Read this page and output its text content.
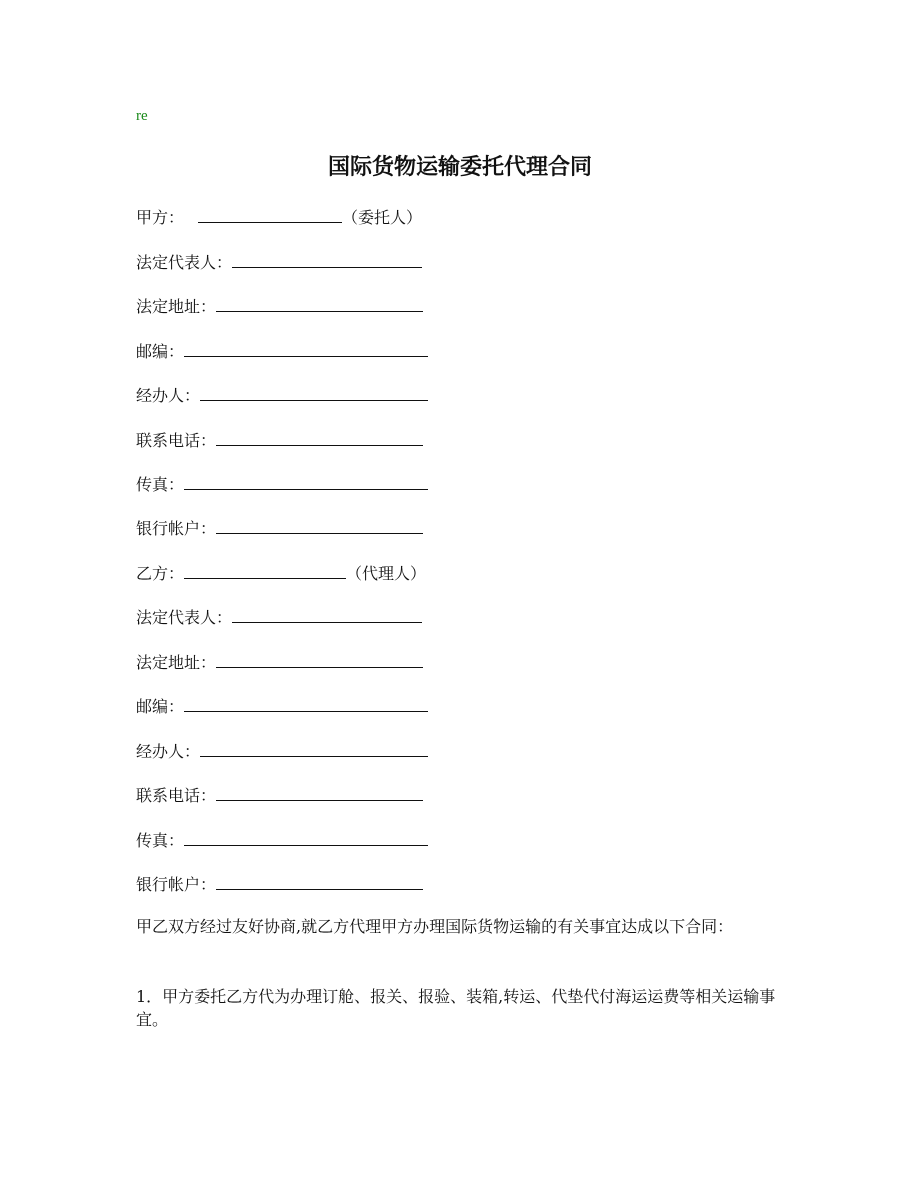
re
国际货物运输委托代理合同
甲方：	（委托人）
法定代表人：
法定地址：
邮编：
经办人：
联系电话：
传真：
银行帐户：
乙方：	（代理人）
法定代表人：
法定地址：
邮编：
经办人：
联系电话：
传真：
银行帐户：
甲乙双方经过友好协商,就乙方代理甲方办理国际货物运输的有关事宜达成以下合同：
1．甲方委托乙方代为办理订舱、报关、报验、装箱,转运、代垫代付海运运费等相关运输事宜。
